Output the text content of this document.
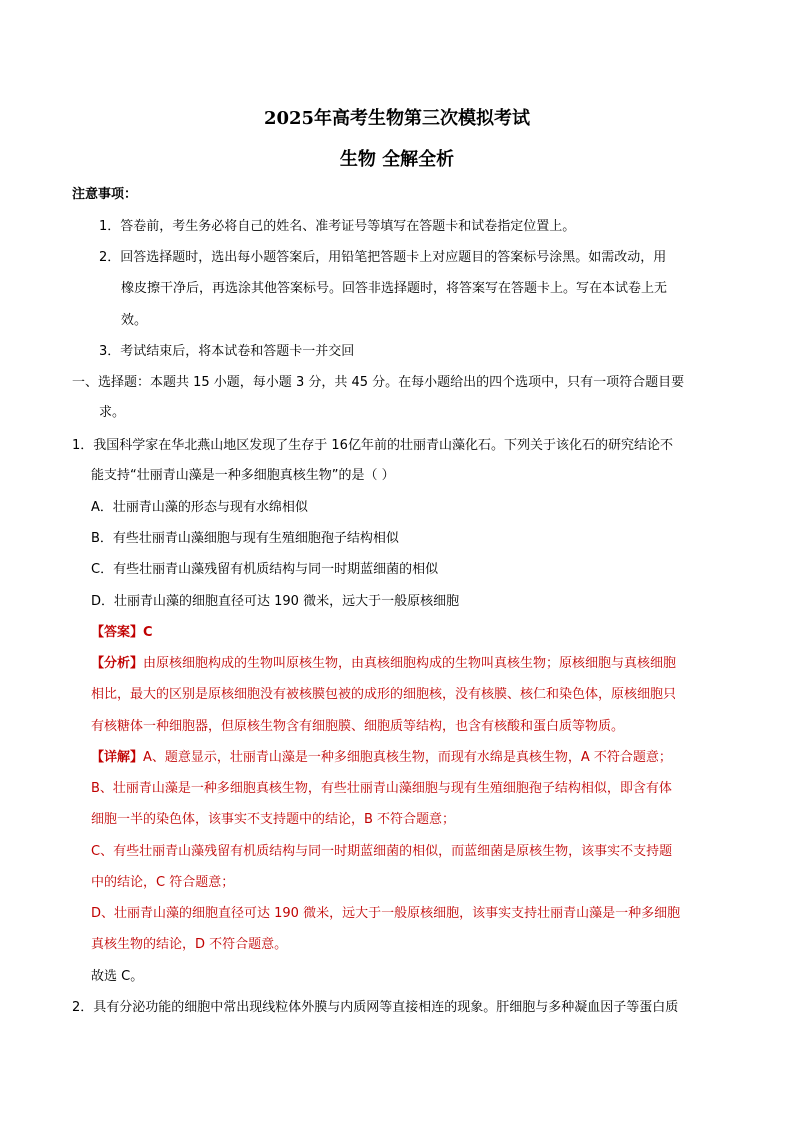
2025年高考生物第三次模拟考试
生物 全解全析
注意事项：
1．答卷前，考生务必将自己的姓名、准考证号等填写在答题卡和试卷指定位置上。
2．回答选择题时，选出每小题答案后，用铅笔把答题卡上对应题目的答案标号涂黑。如需改动，用
橡皮擦干净后，再选涂其他答案标号。回答非选择题时，将答案写在答题卡上。写在本试卷上无
效。
3．考试结束后，将本试卷和答题卡一并交回
一、选择题：本题共 15 小题，每小题 3 分，共 45 分。在每小题给出的四个选项中，只有一项符合题目要
求。
1．我国科学家在华北燕山地区发现了生存于 16亿年前的壮丽青山藻化石。下列关于该化石的研究结论不
能支持“壮丽青山藻是一种多细胞真核生物”的是（ ）
A．壮丽青山藻的形态与现有水绵相似
B．有些壮丽青山藻细胞与现有生殖细胞孢子结构相似
C．有些壮丽青山藻残留有机质结构与同一时期蓝细菌的相似
D．壮丽青山藻的细胞直径可达 190 微米，远大于一般原核细胞
【答案】C
【分析】由原核细胞构成的生物叫原核生物，由真核细胞构成的生物叫真核生物；原核细胞与真核细胞
相比，最大的区别是原核细胞没有被核膜包被的成形的细胞核，没有核膜、核仁和染色体，原核细胞只
有核糖体一种细胞器，但原核生物含有细胞膜、细胞质等结构，也含有核酸和蛋白质等物质。
【详解】A、题意显示，壮丽青山藻是一种多细胞真核生物，而现有水绵是真核生物，A 不符合题意；
B、壮丽青山藻是一种多细胞真核生物，有些壮丽青山藻细胞与现有生殖细胞孢子结构相似，即含有体
细胞一半的染色体，该事实不支持题中的结论，B 不符合题意；
C、有些壮丽青山藻残留有机质结构与同一时期蓝细菌的相似，而蓝细菌是原核生物，该事实不支持题
中的结论，C 符合题意；
D、壮丽青山藻的细胞直径可达 190 微米，远大于一般原核细胞，该事实支持壮丽青山藻是一种多细胞
真核生物的结论，D 不符合题意。
故选 C。
2．具有分泌功能的细胞中常出现线粒体外膜与内质网等直接相连的现象。肝细胞与多种凝血因子等蛋白质
